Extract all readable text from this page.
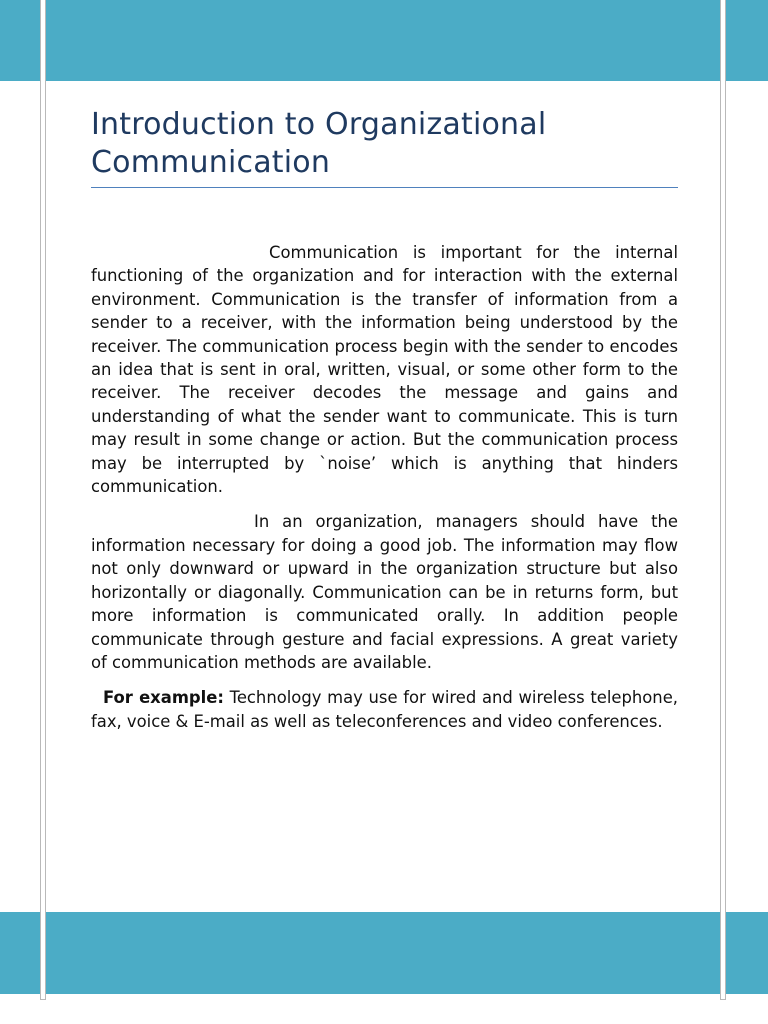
Introduction to Organizational
Communication

Communication is important for the internal functioning of the organization and for interaction with the external environment. Communication is the transfer of information from a sender to a receiver, with the information being understood by the receiver. The communication process begin with the sender to encodes an idea that is sent in oral, written, visual, or some other form to the receiver. The receiver decodes the message and gains and understanding of what the sender want to communicate. This is turn may result in some change or action. But the communication process may be interrupted by `noise’ which is anything that hinders communication.

In an organization, managers should have the information necessary for doing a good job. The information may flow not only downward or upward in the organization structure but also horizontally or diagonally. Communication can be in returns form, but more information is communicated orally. In addition people communicate through gesture and facial expressions. A great variety of communication methods are available.

For example: Technology may use for wired and wireless telephone, fax, voice & E-mail as well as teleconferences and video conferences.
